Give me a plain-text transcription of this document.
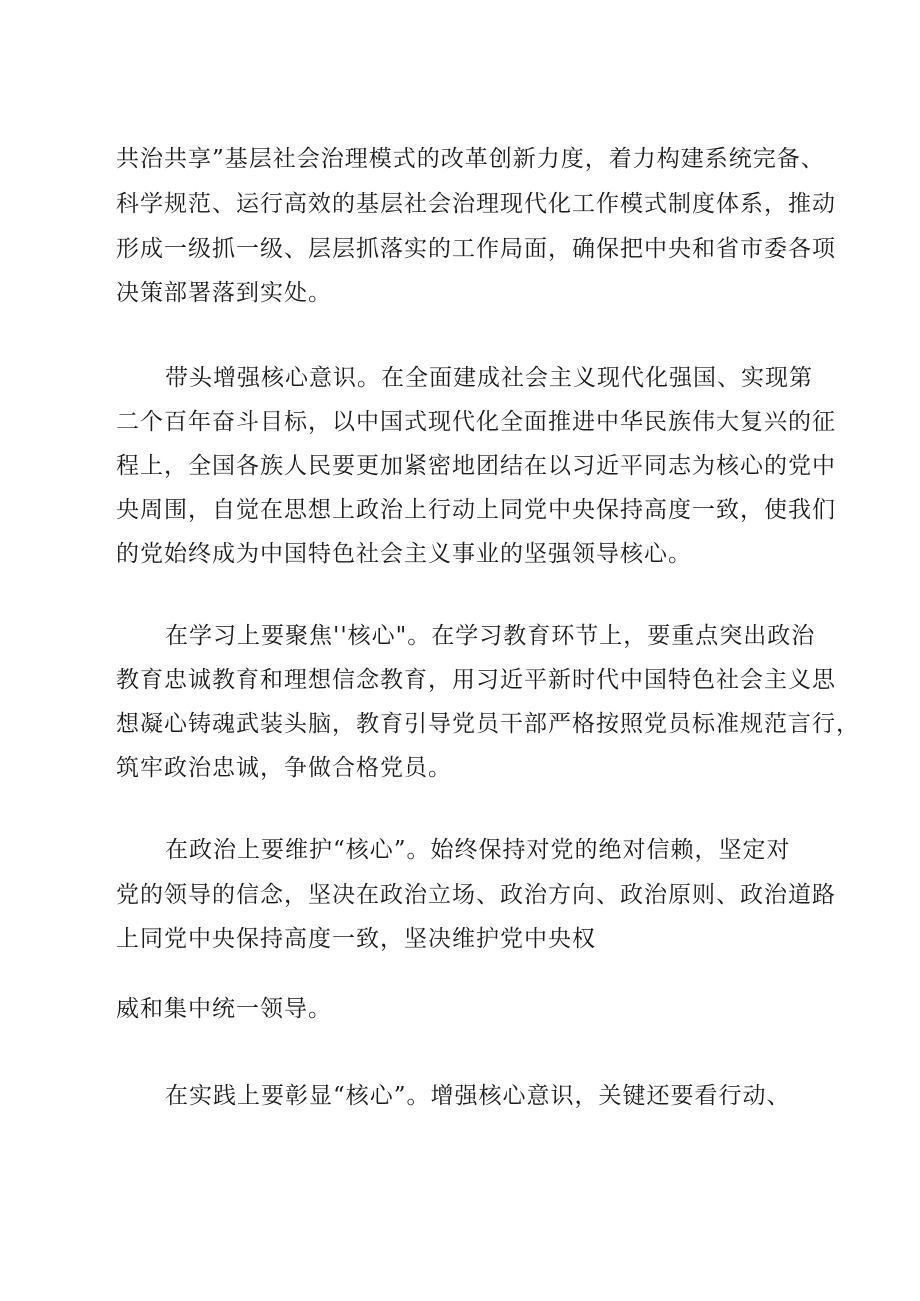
共治共享”基层社会治理模式的改革创新力度，着力构建系统完备、
科学规范、运行高效的基层社会治理现代化工作模式制度体系，推动
形成一级抓一级、层层抓落实的工作局面，确保把中央和省市委各项
决策部署落到实处。
带头增强核心意识。在全面建成社会主义现代化强国、实现第
二个百年奋斗目标，以中国式现代化全面推进中华民族伟大复兴的征
程上，全国各族人民要更加紧密地团结在以习近平同志为核心的党中
央周围，自觉在思想上政治上行动上同党中央保持高度一致，使我们
的党始终成为中国特色社会主义事业的坚强领导核心。
在学习上要聚焦''核心"。在学习教育环节上，要重点突出政治
教育忠诚教育和理想信念教育，用习近平新时代中国特色社会主义思
想凝心铸魂武装头脑，教育引导党员干部严格按照党员标准规范言行，
筑牢政治忠诚，争做合格党员。
在政治上要维护“核心”。始终保持对党的绝对信赖，坚定对
党的领导的信念，坚决在政治立场、政治方向、政治原则、政治道路
上同党中央保持高度一致，坚决维护党中央权
威和集中统一领导。
在实践上要彰显“核心”。增强核心意识，关键还要看行动、
